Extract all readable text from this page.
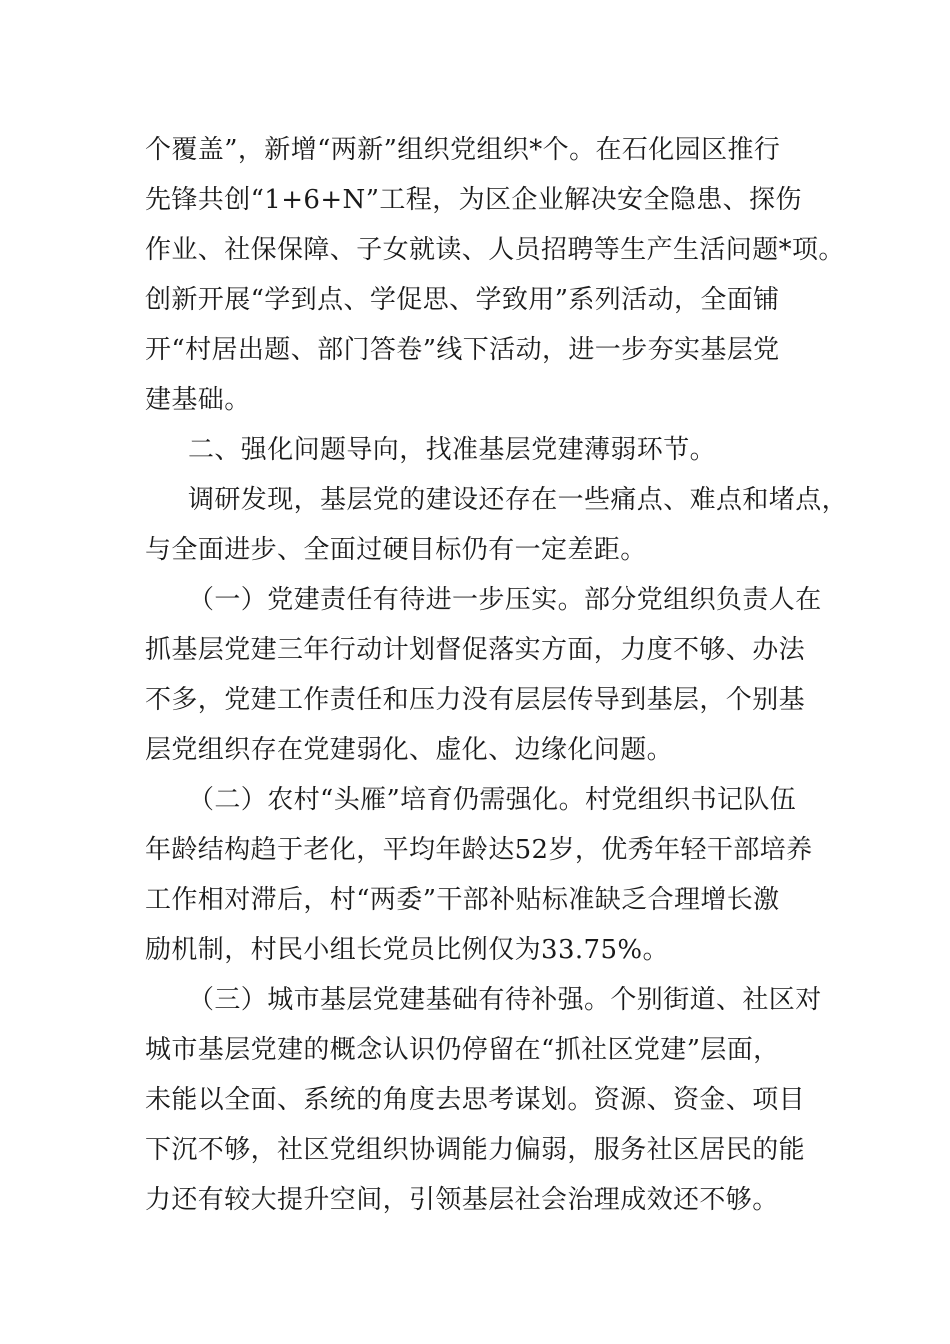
个覆盖”，新增“两新”组织党组织*个。在石化园区推行
先锋共创“1+6+N”工程，为区企业解决安全隐患、探伤
作业、社保保障、子女就读、人员招聘等生产生活问题*项。
创新开展“学到点、学促思、学致用”系列活动，全面铺
开“村居出题、部门答卷”线下活动，进一步夯实基层党
建基础。
二、强化问题导向，找准基层党建薄弱环节。
调研发现，基层党的建设还存在一些痛点、难点和堵点，
与全面进步、全面过硬目标仍有一定差距。
（一）党建责任有待进一步压实。部分党组织负责人在
抓基层党建三年行动计划督促落实方面，力度不够、办法
不多，党建工作责任和压力没有层层传导到基层，个别基
层党组织存在党建弱化、虚化、边缘化问题。
（二）农村“头雁”培育仍需强化。村党组织书记队伍
年龄结构趋于老化，平均年龄达52岁，优秀年轻干部培养
工作相对滞后，村“两委”干部补贴标准缺乏合理增长激
励机制，村民小组长党员比例仅为33.75%。
（三）城市基层党建基础有待补强。个别街道、社区对
城市基层党建的概念认识仍停留在“抓社区党建”层面，
未能以全面、系统的角度去思考谋划。资源、资金、项目
下沉不够，社区党组织协调能力偏弱，服务社区居民的能
力还有较大提升空间，引领基层社会治理成效还不够。
